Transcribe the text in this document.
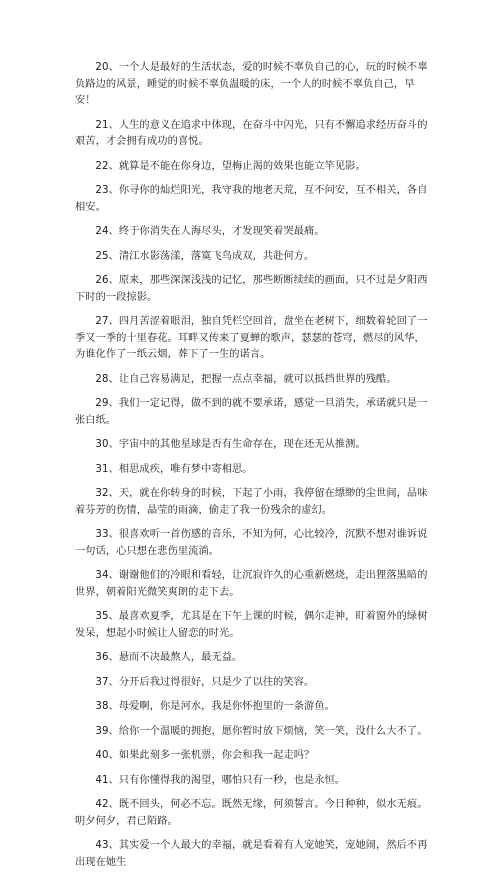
20、一个人是最好的生活状态，爱的时候不辜负自己的心，玩的时候不辜负路边的风景，睡觉的时候不辜负温暖的床，一个人的时候不辜负自己，早安！

21、人生的意义在追求中体现，在奋斗中闪光，只有不懈追求经历奋斗的艰苦，才会拥有成功的喜悦。

22、就算是不能在你身边，望梅止渴的效果也能立竿见影。

23、你寻你的灿烂阳光，我守我的地老天荒，互不问安，互不相关，各自相安。

24、终于你消失在人海尽头，才发现笑着哭最痛。

25、清江水影荡漾，落寞飞鸟成双，共赴何方。

26、原来，那些深深浅浅的记忆，那些断断续续的画面，只不过是夕阳西下时的一段掠影。

27、四月苦涩着眼泪，独自凭栏空回首，盘坐在老树下，细数着轮回了一季又一季的十里春花。耳畔又传来了夏蝉的歌声，瑟瑟的苍穹，燃尽的风华，为谁化作了一纸云烟，葬下了一生的诺言。

28、让自己容易满足，把握一点点幸福，就可以抵挡世界的残酷。

29、我们一定记得，做不到的就不要承诺，感觉一旦消失，承诺就只是一张白纸。

30、宇宙中的其他星球是否有生命存在，现在还无从推测。

31、相思成疾，唯有梦中寄相思。

32、天，就在你转身的时候，下起了小雨，我停留在缥缈的尘世间，品味着芬芳的伤情，晶莹的雨滴，偷走了我一份残余的虚幻。

33、很喜欢听一首伤感的音乐，不知为何，心比较冷，沉默不想对谁诉说一句话，心只想在悲伤里流淌。

34、谢谢他们的冷眼和看轻，让沉寂许久的心重新燃烧，走出狸落黑暗的世界，朝着阳光微笑爽朗的走下去。

35、最喜欢夏季，尤其是在下午上课的时候，偶尔走神，盯着窗外的绿树发呆，想起小时候让人留恋的时光。

36、悬而不决最熬人，最无益。

37、分开后我过得很好，只是少了以往的笑容。

38、母爱啊，你是河水，我是你怀抱里的一条游鱼。

39、给你一个温暖的拥抱，愿你暂时放下烦恼，笑一笑，没什么大不了。

40、如果此刻多一张机票，你会和我一起走吗？

41、只有你懂得我的渴望，哪怕只有一秒，也是永恒。

42、既不回头，何必不忘。既然无缘，何须誓言。今日种种，似水无痕。明夕何夕，君已陌路。

43、其实爱一个人最大的幸福，就是看着有人宠她笑，宠她闹，然后不再出现在她生
